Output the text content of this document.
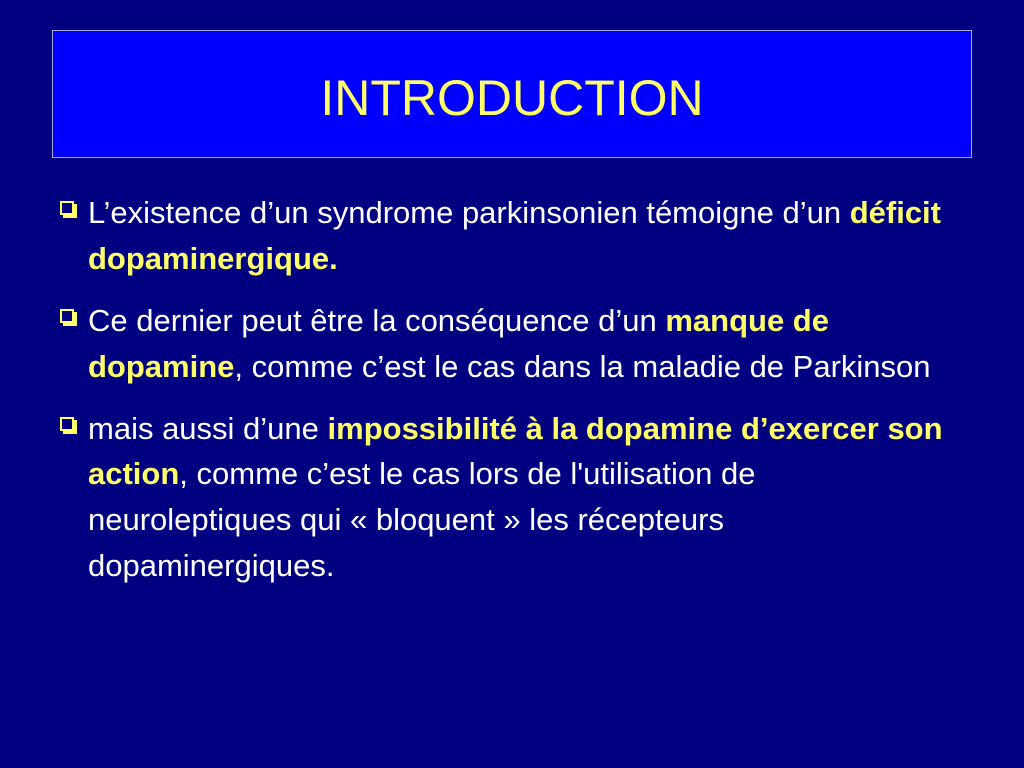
INTRODUCTION
L’existence d’un syndrome parkinsonien témoigne d’un déficit dopaminergique.
Ce dernier peut être la conséquence d’un manque de dopamine, comme c’est le cas dans la maladie de Parkinson
mais aussi d’une impossibilité à la dopamine d’exercer son action, comme c’est le cas lors de l'utilisation de neuroleptiques qui « bloquent » les récepteurs dopaminergiques.
